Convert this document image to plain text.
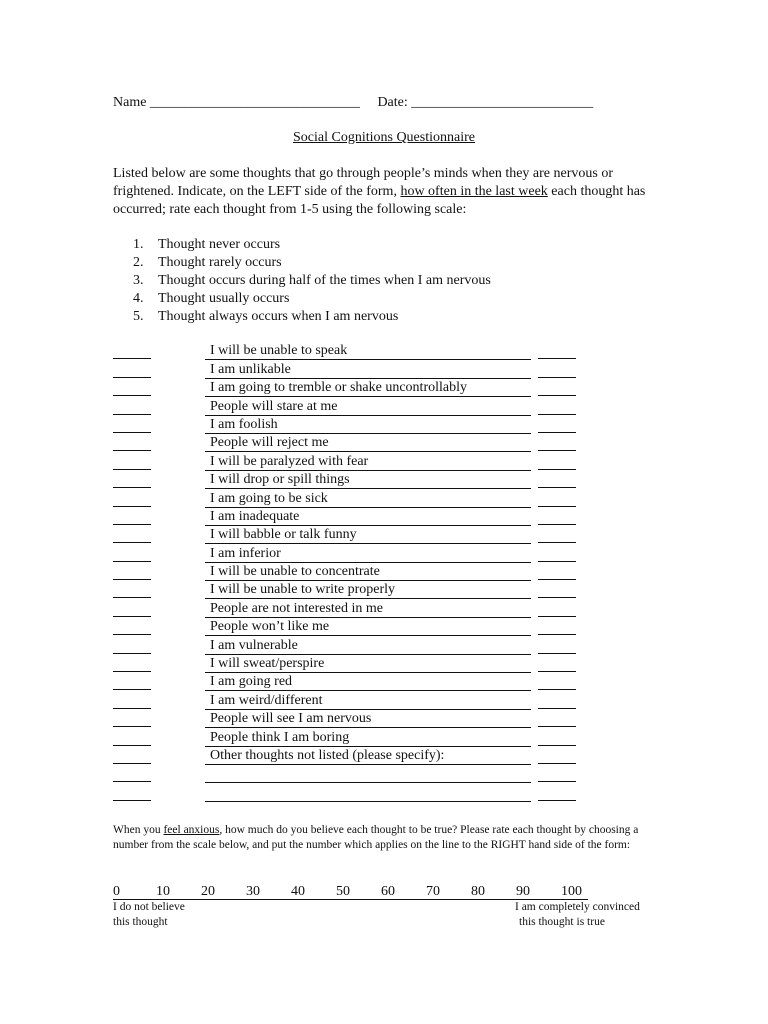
Name ______________________________ Date: __________________________
Social Cognitions Questionnaire
Listed below are some thoughts that go through people’s minds when they are nervous or frightened. Indicate, on the LEFT side of the form, how often in the last week each thought has occurred; rate each thought from 1-5 using the following scale:
1. Thought never occurs
2. Thought rarely occurs
3. Thought occurs during half of the times when I am nervous
4. Thought usually occurs
5. Thought always occurs when I am nervous
I will be unable to speak
I am unlikable
I am going to tremble or shake uncontrollably
People will stare at me
I am foolish
People will reject me
I will be paralyzed with fear
I will drop or spill things
I am going to be sick
I am inadequate
I will babble or talk funny
I am inferior
I will be unable to concentrate
I will be unable to write properly
People are not interested in me
People won’t like me
I am vulnerable
I will sweat/perspire
I am going red
I am weird/different
People will see I am nervous
People think I am boring
Other thoughts not listed (please specify):
When you feel anxious, how much do you believe each thought to be true? Please rate each thought by choosing a number from the scale below, and put the number which applies on the line to the RIGHT hand side of the form:
0	10 20 30 40 50 60 70 80 90 100
I do not believe
this thought
I am completely convinced
this thought is true
